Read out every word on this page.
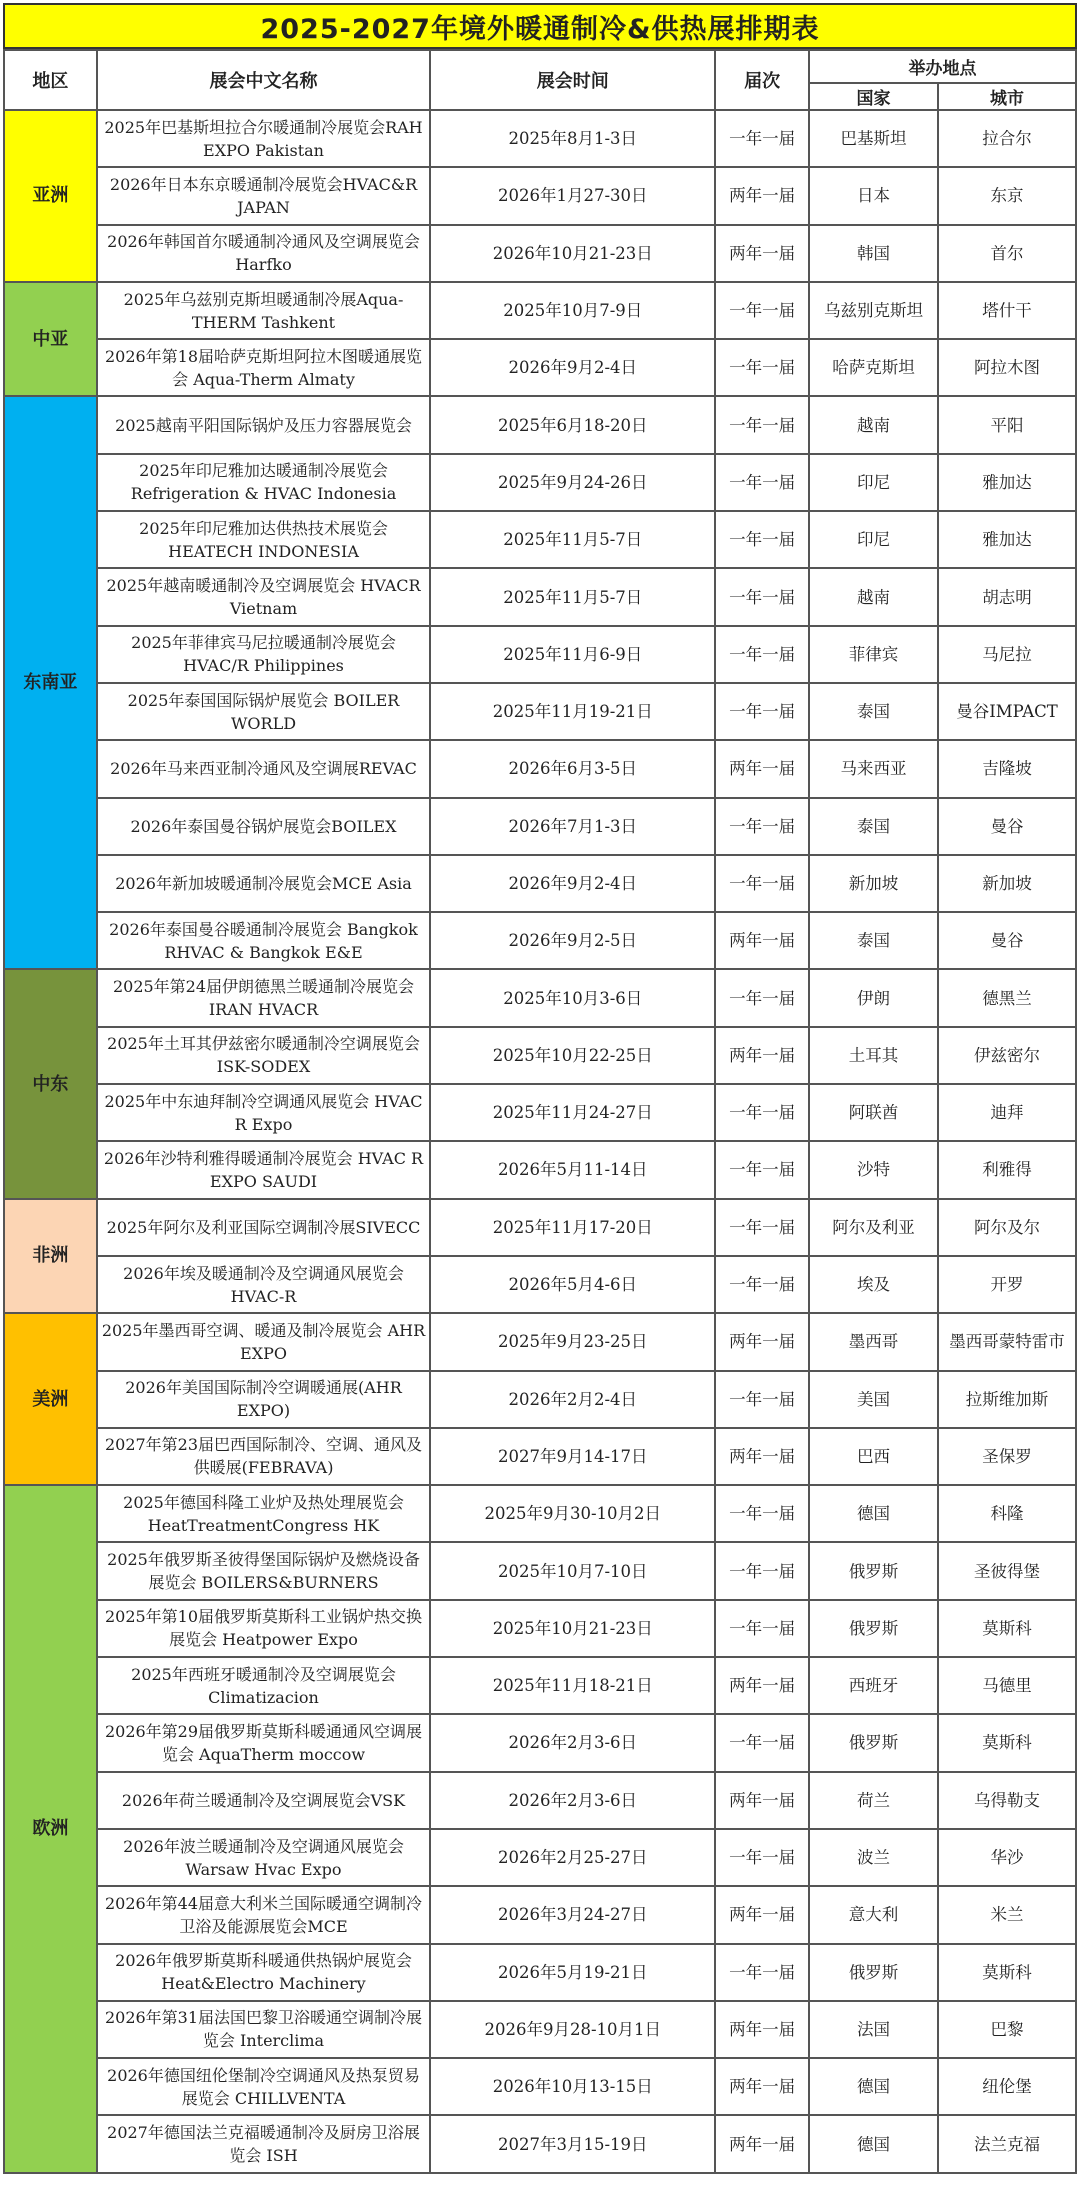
2025-2027年境外暖通制冷&供热展排期表
地区	展会中文名称	展会时间	届次	举办地点	
				国家	城市
亚洲	2025年巴基斯坦拉合尔暖通制冷展览会RAH EXPO Pakistan	2025年8月1-3日	一年一届	巴基斯坦	拉合尔
	2026年日本东京暖通制冷展览会HVAC&R JAPAN	2026年1月27-30日	两年一届	日本	东京
	2026年韩国首尔暖通制冷通风及空调展览会Harfko	2026年10月21-23日	两年一届	韩国	首尔
中亚	2025年乌兹别克斯坦暖通制冷展Aqua-THERM Tashkent	2025年10月7-9日	一年一届	乌兹别克斯坦	塔什干
	2026年第18届哈萨克斯坦阿拉木图暖通展览会 Aqua-Therm Almaty	2026年9月2-4日	一年一届	哈萨克斯坦	阿拉木图
东南亚	2025越南平阳国际锅炉及压力容器展览会	2025年6月18-20日	一年一届	越南	平阳
	2025年印尼雅加达暖通制冷展览会Refrigeration & HVAC Indonesia	2025年9月24-26日	一年一届	印尼	雅加达
	2025年印尼雅加达供热技术展览会HEATECH INDONESIA	2025年11月5-7日	一年一届	印尼	雅加达
	2025年越南暖通制冷及空调展览会 HVACR Vietnam	2025年11月5-7日	一年一届	越南	胡志明
	2025年菲律宾马尼拉暖通制冷展览会 HVAC/R Philippines	2025年11月6-9日	一年一届	菲律宾	马尼拉
	2025年泰国国际锅炉展览会 BOILER WORLD	2025年11月19-21日	一年一届	泰国	曼谷IMPACT
	2026年马来西亚制冷通风及空调展REVAC	2026年6月3-5日	两年一届	马来西亚	吉隆坡
	2026年泰国曼谷锅炉展览会BOILEX	2026年7月1-3日	一年一届	泰国	曼谷
	2026年新加坡暖通制冷展览会MCE Asia	2026年9月2-4日	一年一届	新加坡	新加坡
	2026年泰国曼谷暖通制冷展览会 Bangkok RHVAC & Bangkok E&E	2026年9月2-5日	两年一届	泰国	曼谷
中东	2025年第24届伊朗德黑兰暖通制冷展览会IRAN HVACR	2025年10月3-6日	一年一届	伊朗	德黑兰
	2025年土耳其伊兹密尔暖通制冷空调展览会ISK-SODEX	2025年10月22-25日	两年一届	土耳其	伊兹密尔
	2025年中东迪拜制冷空调通风展览会 HVAC R Expo	2025年11月24-27日	一年一届	阿联酋	迪拜
	2026年沙特利雅得暖通制冷展览会 HVAC R EXPO SAUDI	2026年5月11-14日	一年一届	沙特	利雅得
非洲	2025年阿尔及利亚国际空调制冷展SIVECC	2025年11月17-20日	一年一届	阿尔及利亚	阿尔及尔
	2026年埃及暖通制冷及空调通风展览会 HVAC-R	2026年5月4-6日	一年一届	埃及	开罗
美洲	2025年墨西哥空调、暖通及制冷展览会 AHR EXPO	2025年9月23-25日	两年一届	墨西哥	墨西哥蒙特雷市
	2026年美国国际制冷空调暖通展(AHR EXPO)	2026年2月2-4日	一年一届	美国	拉斯维加斯
	2027年第23届巴西国际制冷、空调、通风及供暖展(FEBRAVA)	2027年9月14-17日	两年一届	巴西	圣保罗
欧洲	2025年德国科隆工业炉及热处理展览会 HeatTreatmentCongress HK	2025年9月30-10月2日	一年一届	德国	科隆
	2025年俄罗斯圣彼得堡国际锅炉及燃烧设备展览会 BOILERS&BURNERS	2025年10月7-10日	一年一届	俄罗斯	圣彼得堡
	2025年第10届俄罗斯莫斯科工业锅炉热交换展览会 Heatpower Expo	2025年10月21-23日	一年一届	俄罗斯	莫斯科
	2025年西班牙暖通制冷及空调展览会 Climatizacion	2025年11月18-21日	两年一届	西班牙	马德里
	2026年第29届俄罗斯莫斯科暖通通风空调展览会 AquaTherm moccow	2026年2月3-6日	一年一届	俄罗斯	莫斯科
	2026年荷兰暖通制冷及空调展览会VSK	2026年2月3-6日	两年一届	荷兰	乌得勒支
	2026年波兰暖通制冷及空调通风展览会 Warsaw Hvac Expo	2026年2月25-27日	一年一届	波兰	华沙
	2026年第44届意大利米兰国际暖通空调制冷卫浴及能源展览会MCE	2026年3月24-27日	两年一届	意大利	米兰
	2026年俄罗斯莫斯科暖通供热锅炉展览会 Heat&Electro Machinery	2026年5月19-21日	一年一届	俄罗斯	莫斯科
	2026年第31届法国巴黎卫浴暖通空调制冷展览会 Interclima	2026年9月28-10月1日	两年一届	法国	巴黎
	2026年德国纽伦堡制冷空调通风及热泵贸易展览会 CHILLVENTA	2026年10月13-15日	两年一届	德国	纽伦堡
	2027年德国法兰克福暖通制冷及厨房卫浴展览会 ISH	2027年3月15-19日	两年一届	德国	法兰克福
